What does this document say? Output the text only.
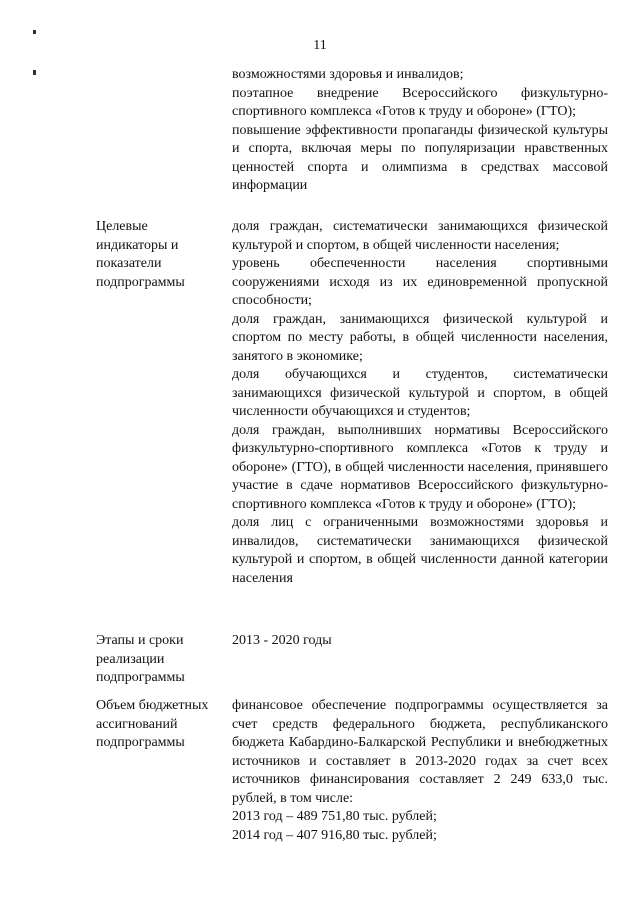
11

возможностями здоровья и инвалидов;

поэтапное внедрение Всероссийского физкультурно-спортивного комплекса «Готов к труду и обороне» (ГТО);

повышение эффективности пропаганды физической культуры и спорта, включая меры по популяризации нравственных ценностей спорта и олимпизма в средствах массовой информации

Целевые индикаторы и показатели подпрограммы

доля граждан, систематически занимающихся физической культурой и спортом, в общей численности населения;

уровень обеспеченности населения спортивными сооружениями исходя из их единовременной пропускной способности;

доля граждан, занимающихся физической культурой и спортом по месту работы, в общей численности населения, занятого в экономике;

доля обучающихся и студентов, систематически занимающихся физической культурой и спортом, в общей численности обучающихся и студентов;

доля граждан, выполнивших нормативы Всероссийского физкультурно-спортивного комплекса «Готов к труду и обороне» (ГТО), в общей численности населения, принявшего участие в сдаче нормативов Всероссийского физкультурно-спортивного комплекса «Готов к труду и обороне» (ГТО);

доля лиц с ограниченными возможностями здоровья и инвалидов, систематически занимающихся физической культурой и спортом, в общей численности данной категории населения

Этапы и сроки реализации подпрограммы

2013 - 2020 годы

Объем бюджетных ассигнований подпрограммы

финансовое обеспечение подпрограммы осуществляется за счет средств федерального бюджета, республиканского бюджета Кабардино-Балкарской Республики и внебюджетных источников и составляет в 2013-2020 годах за счет всех источников финансирования составляет 2 249 633,0 тыс. рублей, в том числе:

2013 год – 489 751,80 тыс. рублей;

2014 год – 407 916,80 тыс. рублей;
